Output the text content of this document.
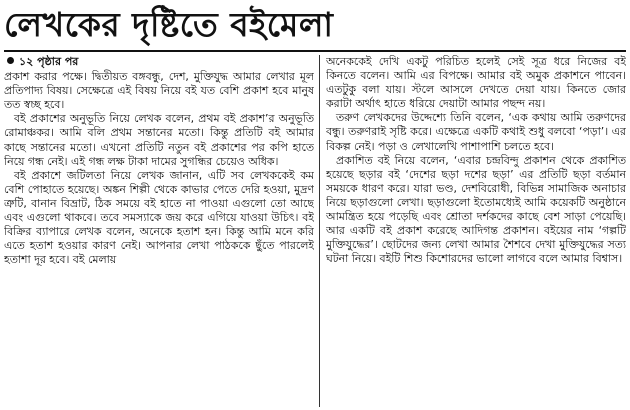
লেখকের দৃষ্টিতে বইমেলা
১২ পৃষ্ঠার পর

প্রকাশ করার পক্ষে। দ্বিতীয়ত বঙ্গবন্ধু, দেশ, মুক্তিযুদ্ধ আমার লেখার মূল প্রতিপাদ্য বিষয়। সেক্ষেত্রে এই বিষয় নিয়ে বই যত বেশি প্রকাশ হবে মানুষ তত স্বচ্ছ হবে।

বই প্রকাশের অনুভূতি নিয়ে লেখক বলেন, প্রথম বই প্রকাশ’র অনুভূতি রোমাঞ্চকর। আমি বলি প্রথম সন্তানের মতো। কিন্তু প্রতিটি বই আমার কাছে সন্তানের মতো। এখনো প্রতিটি নতুন বই প্রকাশের পর কপি হাতে নিয়ে গন্ধ নেই। এই গন্ধ লক্ষ টাকা দামের সুগন্ধির চেয়েও অধিক।

বই প্রকাশে জটিলতা নিয়ে লেখক জানান, এটি সব লেখককেই কম বেশি পোহাতে হয়েছে। অঙ্কন শিল্পী থেকে কাভার পেতে দেরি হওয়া, মুদ্রণ ত্রুটি, বানান বিভ্রাট, ঠিক সময়ে বই হাতে না পাওয়া এগুলো তো আছে এবং এগুলো থাকবে। তবে সমস্যাকে জয় করে এগিয়ে যাওয়া উচিৎ। বই বিক্রির ব্যাপারে লেখক বলেন, অনেকে হতাশ হন। কিন্তু আমি মনে করি এতে হতাশ হওয়ার কারণ নেই। আপনার লেখা পাঠককে ছুঁতে পারলেই হতাশা দূর হবে। বই মেলায়

অনেককেই দেখি একটু পরিচিত হলেই সেই সূত্র ধরে নিজের বই কিনতে বলেন। আমি এর বিপক্ষে। আমার বই অমুক প্রকাশনে পাবেন। এতটুকু বলা যায়। স্টলে আসলে দেখতে দেয়া যায়। কিনতে জোর করাটা অর্থাৎ হাতে ধরিয়ে দেয়াটা আমার পছন্দ নয়।

তরুণ লেখকদের উদ্দেশ্যে তিনি বলেন, ‘এক কথায় আমি তরুণদের বন্ধু। তরুণরাই সৃষ্টি করে। এক্ষেত্রে একটি কথাই শুধু বলবো ‘পড়া’। এর বিকল্প নেই। পড়া ও লেখালেখি পাশাপাশি চলতে হবে।

প্রকাশিত বই নিয়ে বলেন, ‘এবার চন্দ্রবিন্দু প্রকাশন থেকে প্রকাশিত হয়েছে ছড়ার বই ‘দেশের ছড়া দশের ছড়া’ এর প্রতিটি ছড়া বর্তমান সময়কে ধারণ করে। যারা ভণ্ড, দেশবিরোধী, বিভিন্ন সামাজিক অনাচার নিয়ে ছড়াগুলো লেখা। ছড়াগুলো ইতোমধ্যেই আমি কয়েকটি অনুষ্ঠানে আমন্ত্রিত হয়ে পড়েছি এবং শ্রোতা দর্শকদের কাছে বেশ সাড়া পেয়েছি। আর একটি বই প্রকাশ করেছে আদিগন্ত প্রকাশন। বইয়ের নাম ‘গল্পটি মুক্তিযুদ্ধের’। ছোটদের জন্য লেখা আমার শৈশবে দেখা মুক্তিযুদ্ধের সত্য ঘটনা নিয়ে। বইটি শিশু কিশোরদের ভালো লাগবে বলে আমার বিশ্বাস।
